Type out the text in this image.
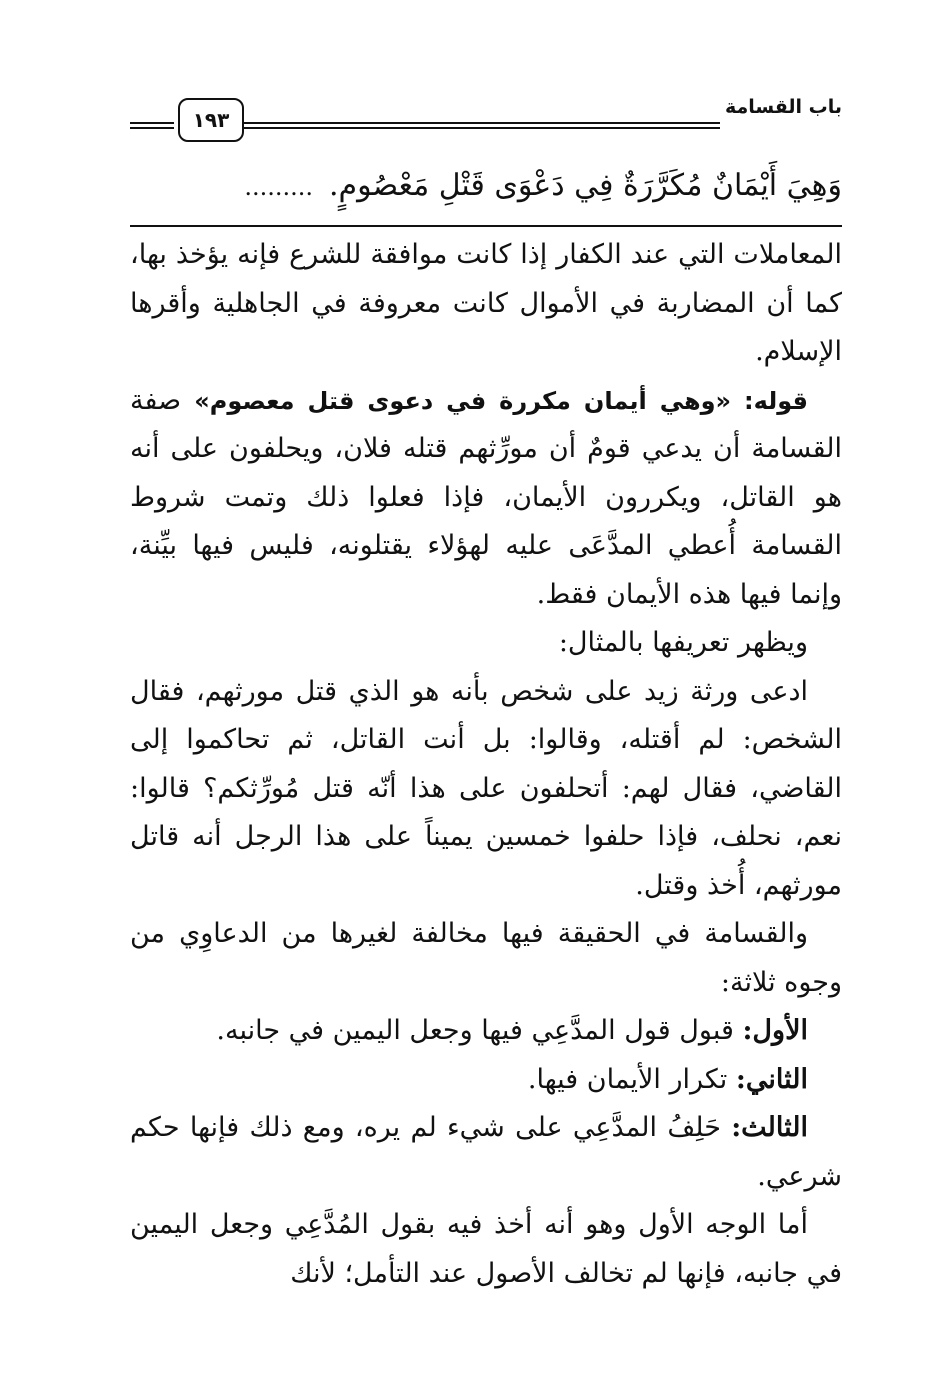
باب القسامة
١٩٣
وَهِيَ أَيْمَانٌ مُكَرَّرَةٌ فِي دَعْوَى قَتْلِ مَعْصُومٍ..........

المعاملات التي عند الكفار إذا كانت موافقة للشرع فإنه يؤخذ بها، كما أن المضاربة في الأموال كانت معروفة في الجاهلية وأقرها الإسلام.

قوله: «وهي أيمان مكررة في دعوى قتل معصوم» صفة القسامة أن يدعي قومٌ أن مورِّثهم قتله فلان، ويحلفون على أنه هو القاتل، ويكررون الأيمان، فإذا فعلوا ذلك وتمت شروط القسامة أُعطي المدَّعَى عليه لهؤلاء يقتلونه، فليس فيها بيِّنة، وإنما فيها هذه الأيمان فقط.

ويظهر تعريفها بالمثال:

ادعى ورثة زيد على شخص بأنه هو الذي قتل مورثهم، فقال الشخص: لم أقتله، وقالوا: بل أنت القاتل، ثم تحاكموا إلى القاضي، فقال لهم: أتحلفون على هذا أنّه قتل مُورِّثكم؟ قالوا: نعم، نحلف، فإذا حلفوا خمسين يميناً على هذا الرجل أنه قاتل مورثهم، أُخذ وقتل.

والقسامة في الحقيقة فيها مخالفة لغيرها من الدعاوِي من وجوه ثلاثة:

الأول: قبول قول المدَّعِي فيها وجعل اليمين في جانبه.

الثاني: تكرار الأيمان فيها.

الثالث: حَلِفُ المدَّعِي على شيء لم يره، ومع ذلك فإنها حكم شرعي.

أما الوجه الأول وهو أنه أخذ فيه بقول المُدَّعِي وجعل اليمين في جانبه، فإنها لم تخالف الأصول عند التأمل؛ لأنك
